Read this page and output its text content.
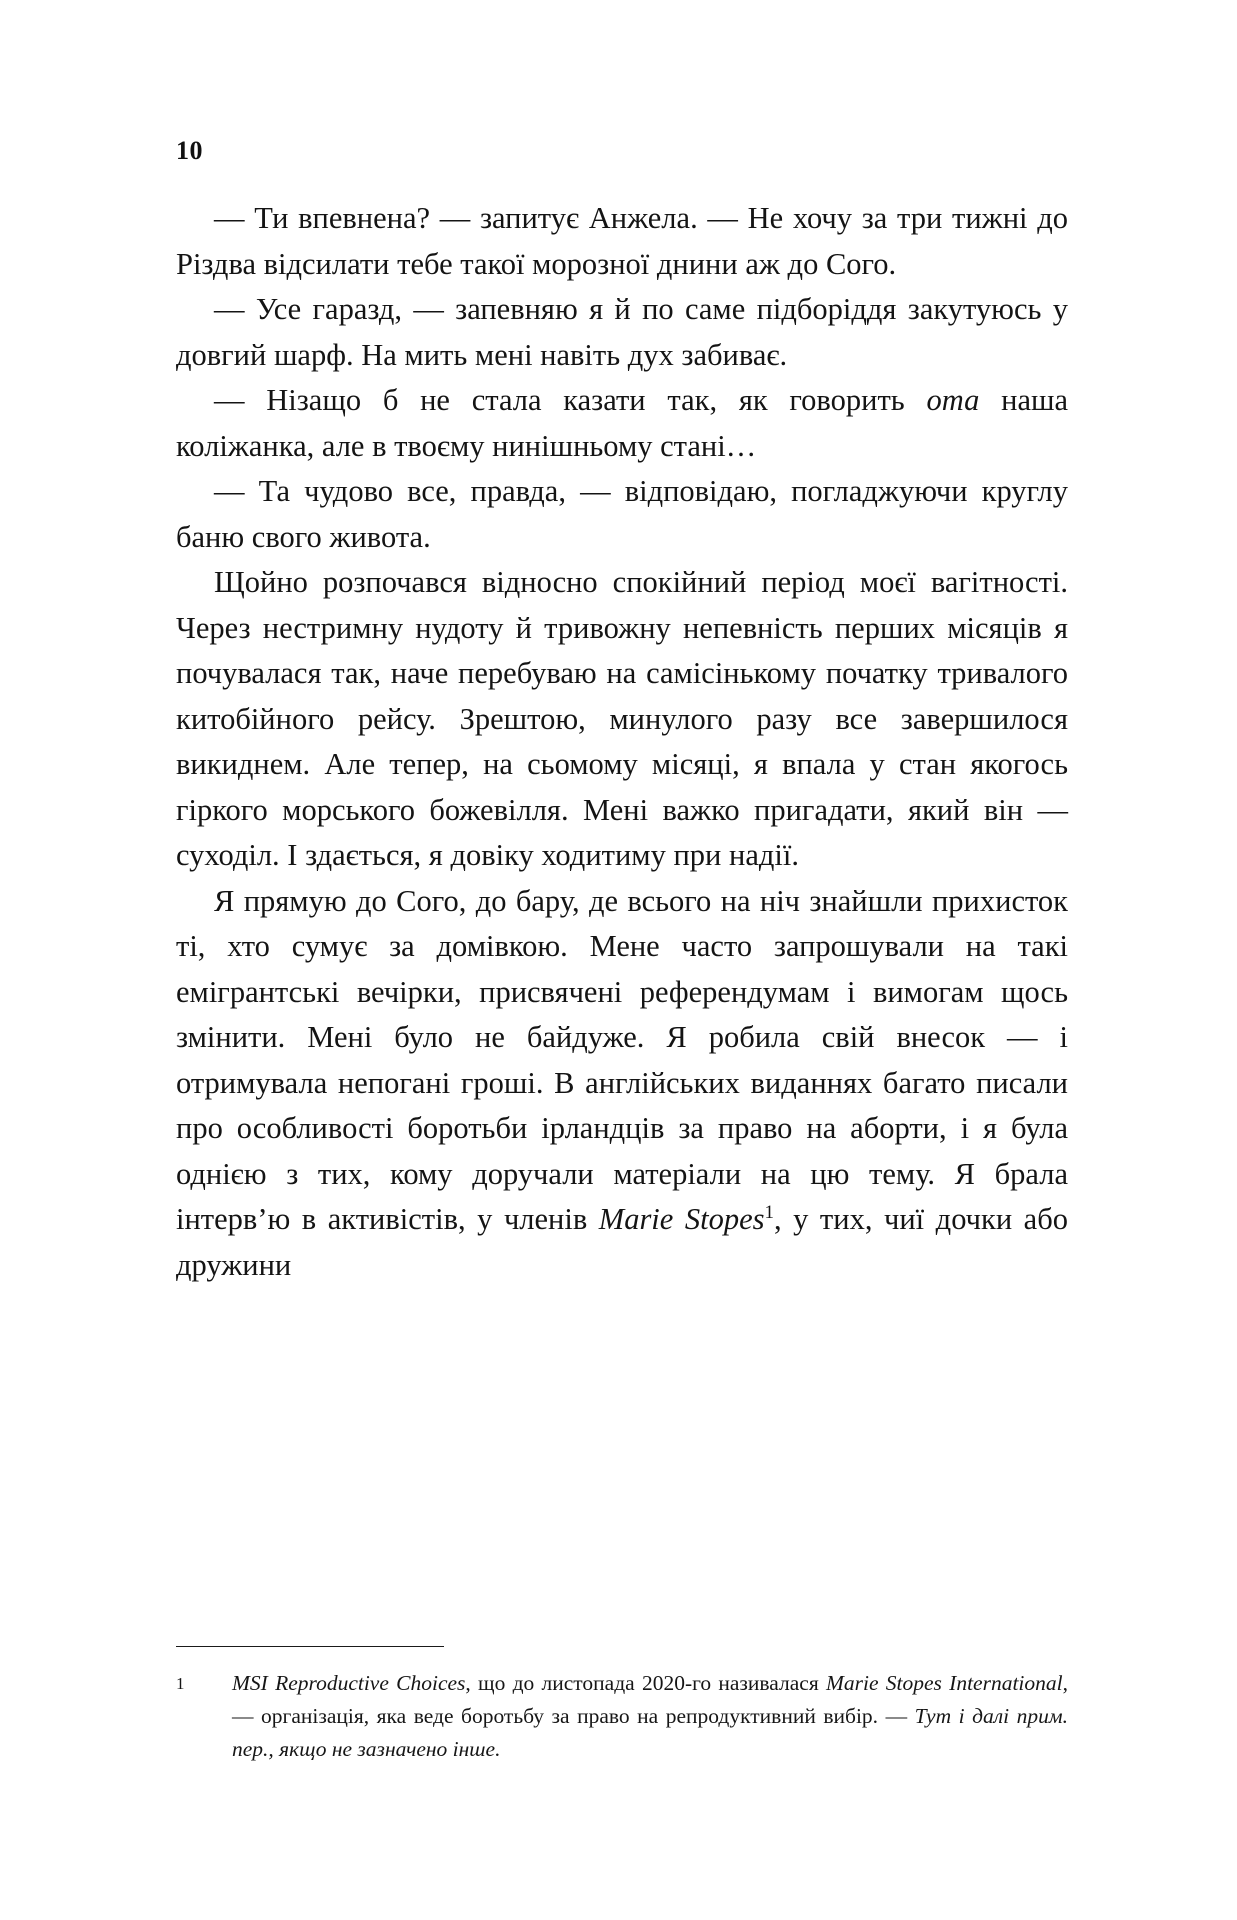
10

— Ти впевнена? — запитує Анжела. — Не хочу за три тижні до Різдва відсилати тебе такої морозної днини аж до Сого.

— Усе гаразд, — запевняю я й по саме підборіддя закутуюсь у довгий шарф. На мить мені навіть дух забиває.

— Нізащо б не стала казати так, як говорить ота наша коліжанка, але в твоєму нинішньому стані…

— Та чудово все, правда, — відповідаю, погладжуючи круглу баню свого живота.

Щойно розпочався відносно спокійний період моєї вагітності. Через нестримну нудоту й тривожну непевність перших місяців я почувалася так, наче перебуваю на самісінькому початку тривалого китобійного рейсу. Зрештою, минулого разу все завершилося викиднем. Але тепер, на сьомому місяці, я впала у стан якогось гіркого морського божевілля. Мені важко пригадати, який він — суходіл. І здається, я довіку ходитиму при надії.

Я прямую до Сого, до бару, де всього на ніч знайшли прихисток ті, хто сумує за домівкою. Мене часто запрошували на такі емігрантські вечірки, присвячені референдумам і вимогам щось змінити. Мені було не байдуже. Я робила свій внесок — і отримувала непогані гроші. В англійських виданнях багато писали про особливості боротьби ірландців за право на аборти, і я була однією з тих, кому доручали матеріали на цю тему. Я брала інтерв’ю в активістів, у членів Marie Stopes$^1$, у тих, чиї дочки або дружини

1 MSI Reproductive Choices, що до листопада 2020-го називалася Marie Stopes International, — організація, яка веде боротьбу за право на репродуктивний вибір. — Тут і далі прим. пер., якщо не зазначено інше.
